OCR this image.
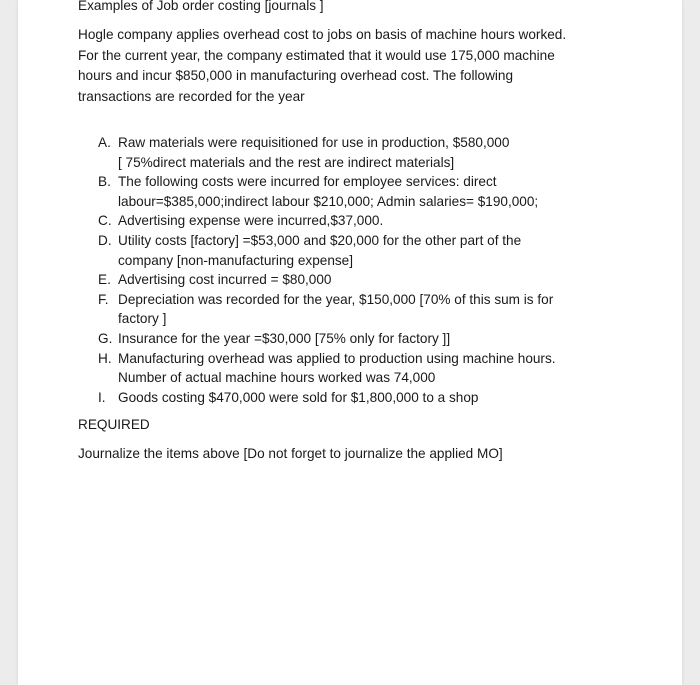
Examples of Job order costing [journals ]
Hogle company applies overhead cost to jobs on basis of machine hours worked.
For the current year, the company estimated that it would use 175,000 machine
hours and incur $850,000 in manufacturing overhead cost. The following
transactions are recorded for the year
A. Raw materials were requisitioned for use in production, $580,000
[ 75%direct materials and the rest are indirect materials]
B. The following costs were incurred for employee services: direct
labour=$385,000;indirect labour $210,000; Admin salaries= $190,000;
C. Advertising expense were incurred,$37,000.
D. Utility costs [factory] =$53,000 and $20,000 for the other part of the
company [non-manufacturing expense]
E. Advertising cost incurred = $80,000
F. Depreciation was recorded for the year, $150,000 [70% of this sum is for
factory ]
G. Insurance for the year =$30,000 [75% only for factory ]]
H. Manufacturing overhead was applied to production using machine hours.
Number of actual machine hours worked was 74,000
I. Goods costing $470,000 were sold for $1,800,000 to a shop
REQUIRED
Journalize the items above [Do not forget to journalize the applied MO]
